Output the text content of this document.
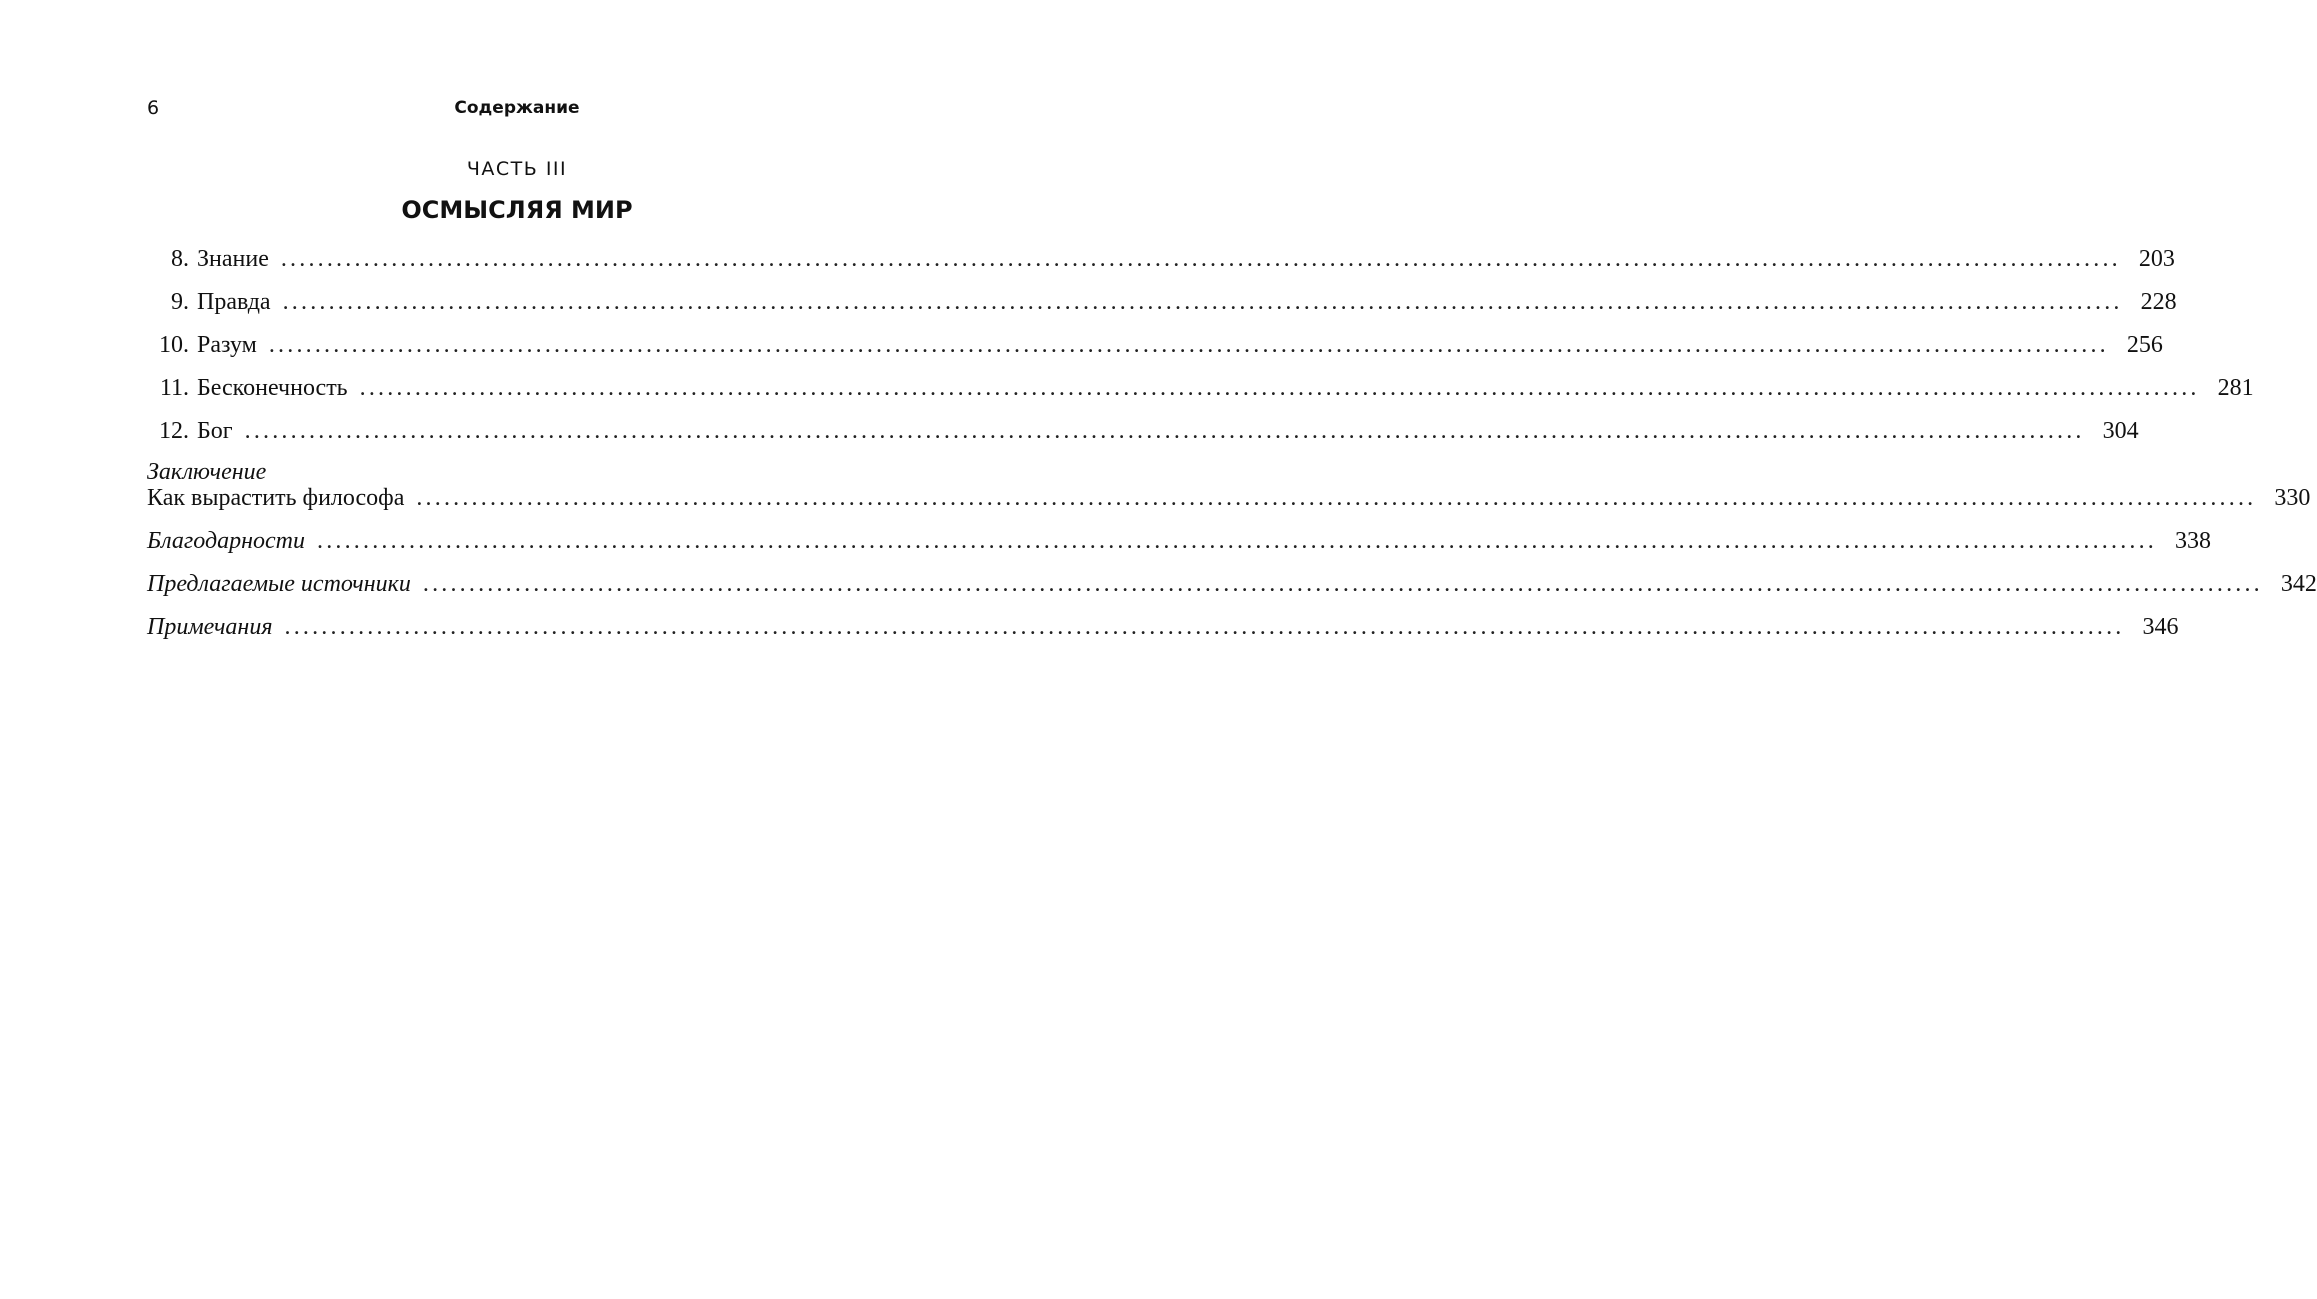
6	Содержание
ЧАСТЬ III
ОСМЫСЛЯЯ МИР
8. Знание ........................................................................................................................................................................................................ 203
9. Правда ........................................................................................................................................................................................................ 228
10. Разум ........................................................................................................................................................................................................ 256
11. Бесконечность ........................................................................................................................................................................................................ 281
12. Бог ........................................................................................................................................................................................................ 304
Заключение
Как вырастить философа ........................................................................................................................................................................................................ 330
Благодарности ........................................................................................................................................................................................................ 338
Предлагаемые источники ........................................................................................................................................................................................................ 342
Примечания ........................................................................................................................................................................................................ 346
